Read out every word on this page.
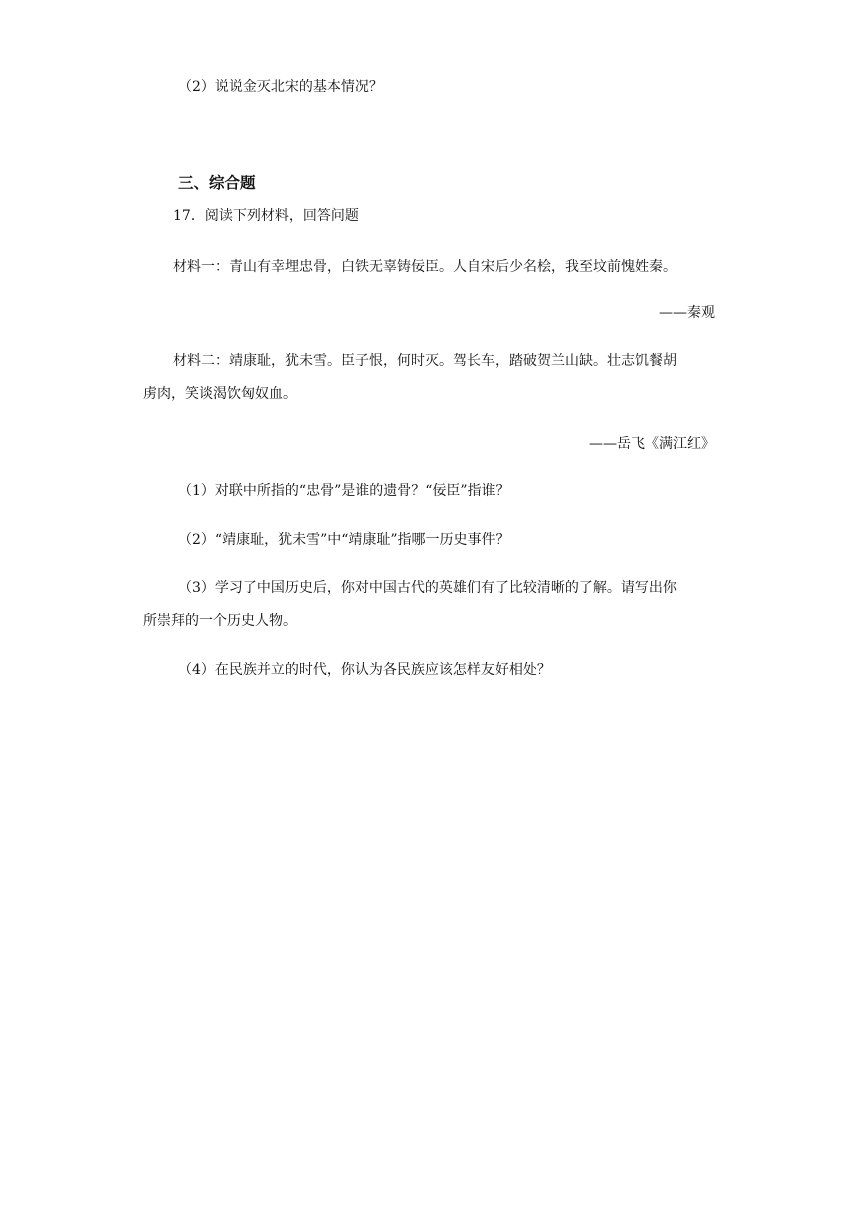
（2）说说金灭北宋的基本情况？
三、综合题
17．阅读下列材料，回答问题
材料一：青山有幸埋忠骨，白铁无辜铸佞臣。人自宋后少名桧，我至坟前愧姓秦。
——秦观
材料二：靖康耻，犹未雪。臣子恨，何时灭。驾长车，踏破贺兰山缺。壮志饥餐胡
虏肉，笑谈渴饮匈奴血。
——岳飞《满江红》
（1）对联中所指的“忠骨”是谁的遗骨？“佞臣”指谁？
（2）“靖康耻，犹未雪”中“靖康耻”指哪一历史事件？
（3）学习了中国历史后，你对中国古代的英雄们有了比较清晰的了解。请写出你
所崇拜的一个历史人物。
（4）在民族并立的时代，你认为各民族应该怎样友好相处？
